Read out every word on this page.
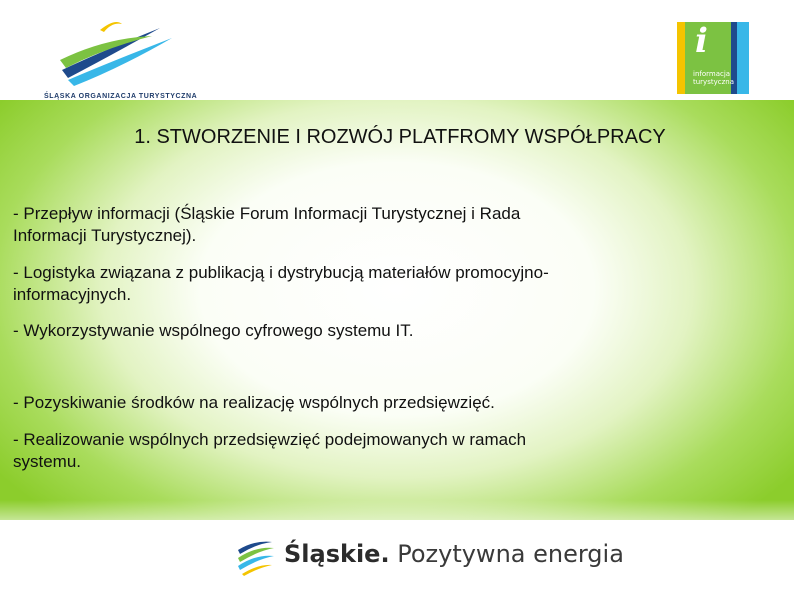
ŚLĄSKA ORGANIZACJA TURYSTYCZNA
i
informacja
turystyczna
1. STWORZENIE I ROZWÓJ PLATFROMY WSPÓŁPRACY
- Przepływ informacji (Śląskie Forum Informacji Turystycznej i Rada
Informacji Turystycznej).
- Logistyka związana z publikacją i dystrybucją materiałów promocyjno-
informacyjnych.
- Wykorzystywanie wspólnego cyfrowego systemu IT.
- Pozyskiwanie środków na realizację wspólnych przedsięwzięć.
- Realizowanie wspólnych przedsięwzięć podejmowanych w ramach
systemu.
Śląskie. Pozytywna energia
